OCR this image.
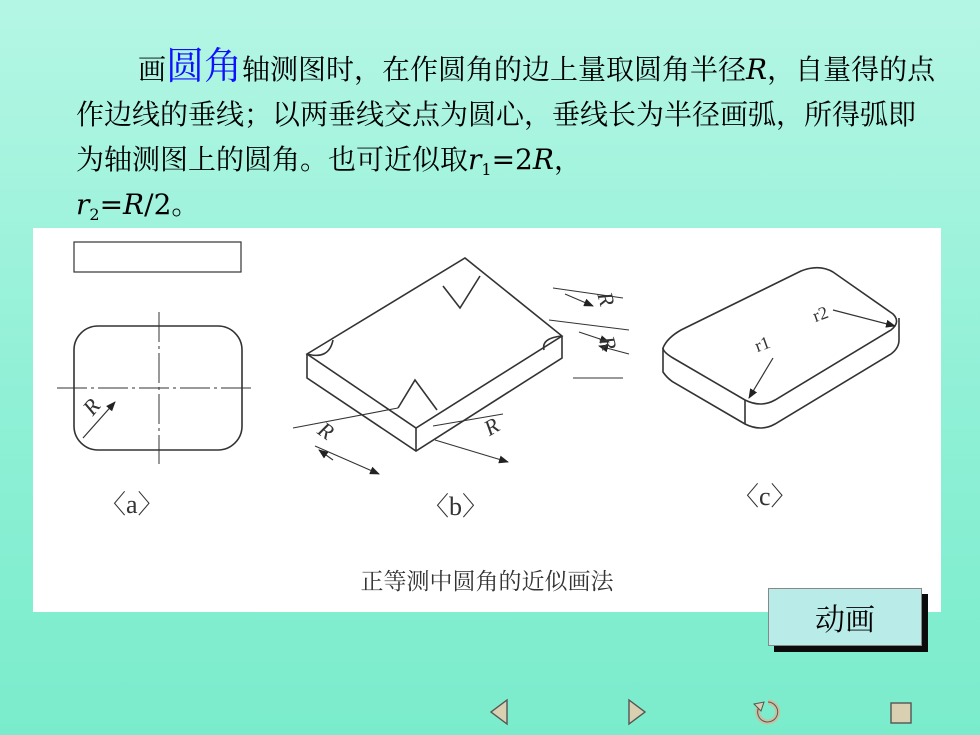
画圆角轴测图时，在作圆角的边上量取圆角半径R，自量得的点作边线的垂线；以两垂线交点为圆心，垂线长为半径画弧，所得弧即为轴测图上的圆角。也可近似取$r_1=2R$，
$r_2=R/2$。
〈a〉	〈b〉	〈c〉
正等测中圆角的近似画法
R
R	R
R
R	r1
r2
动画
